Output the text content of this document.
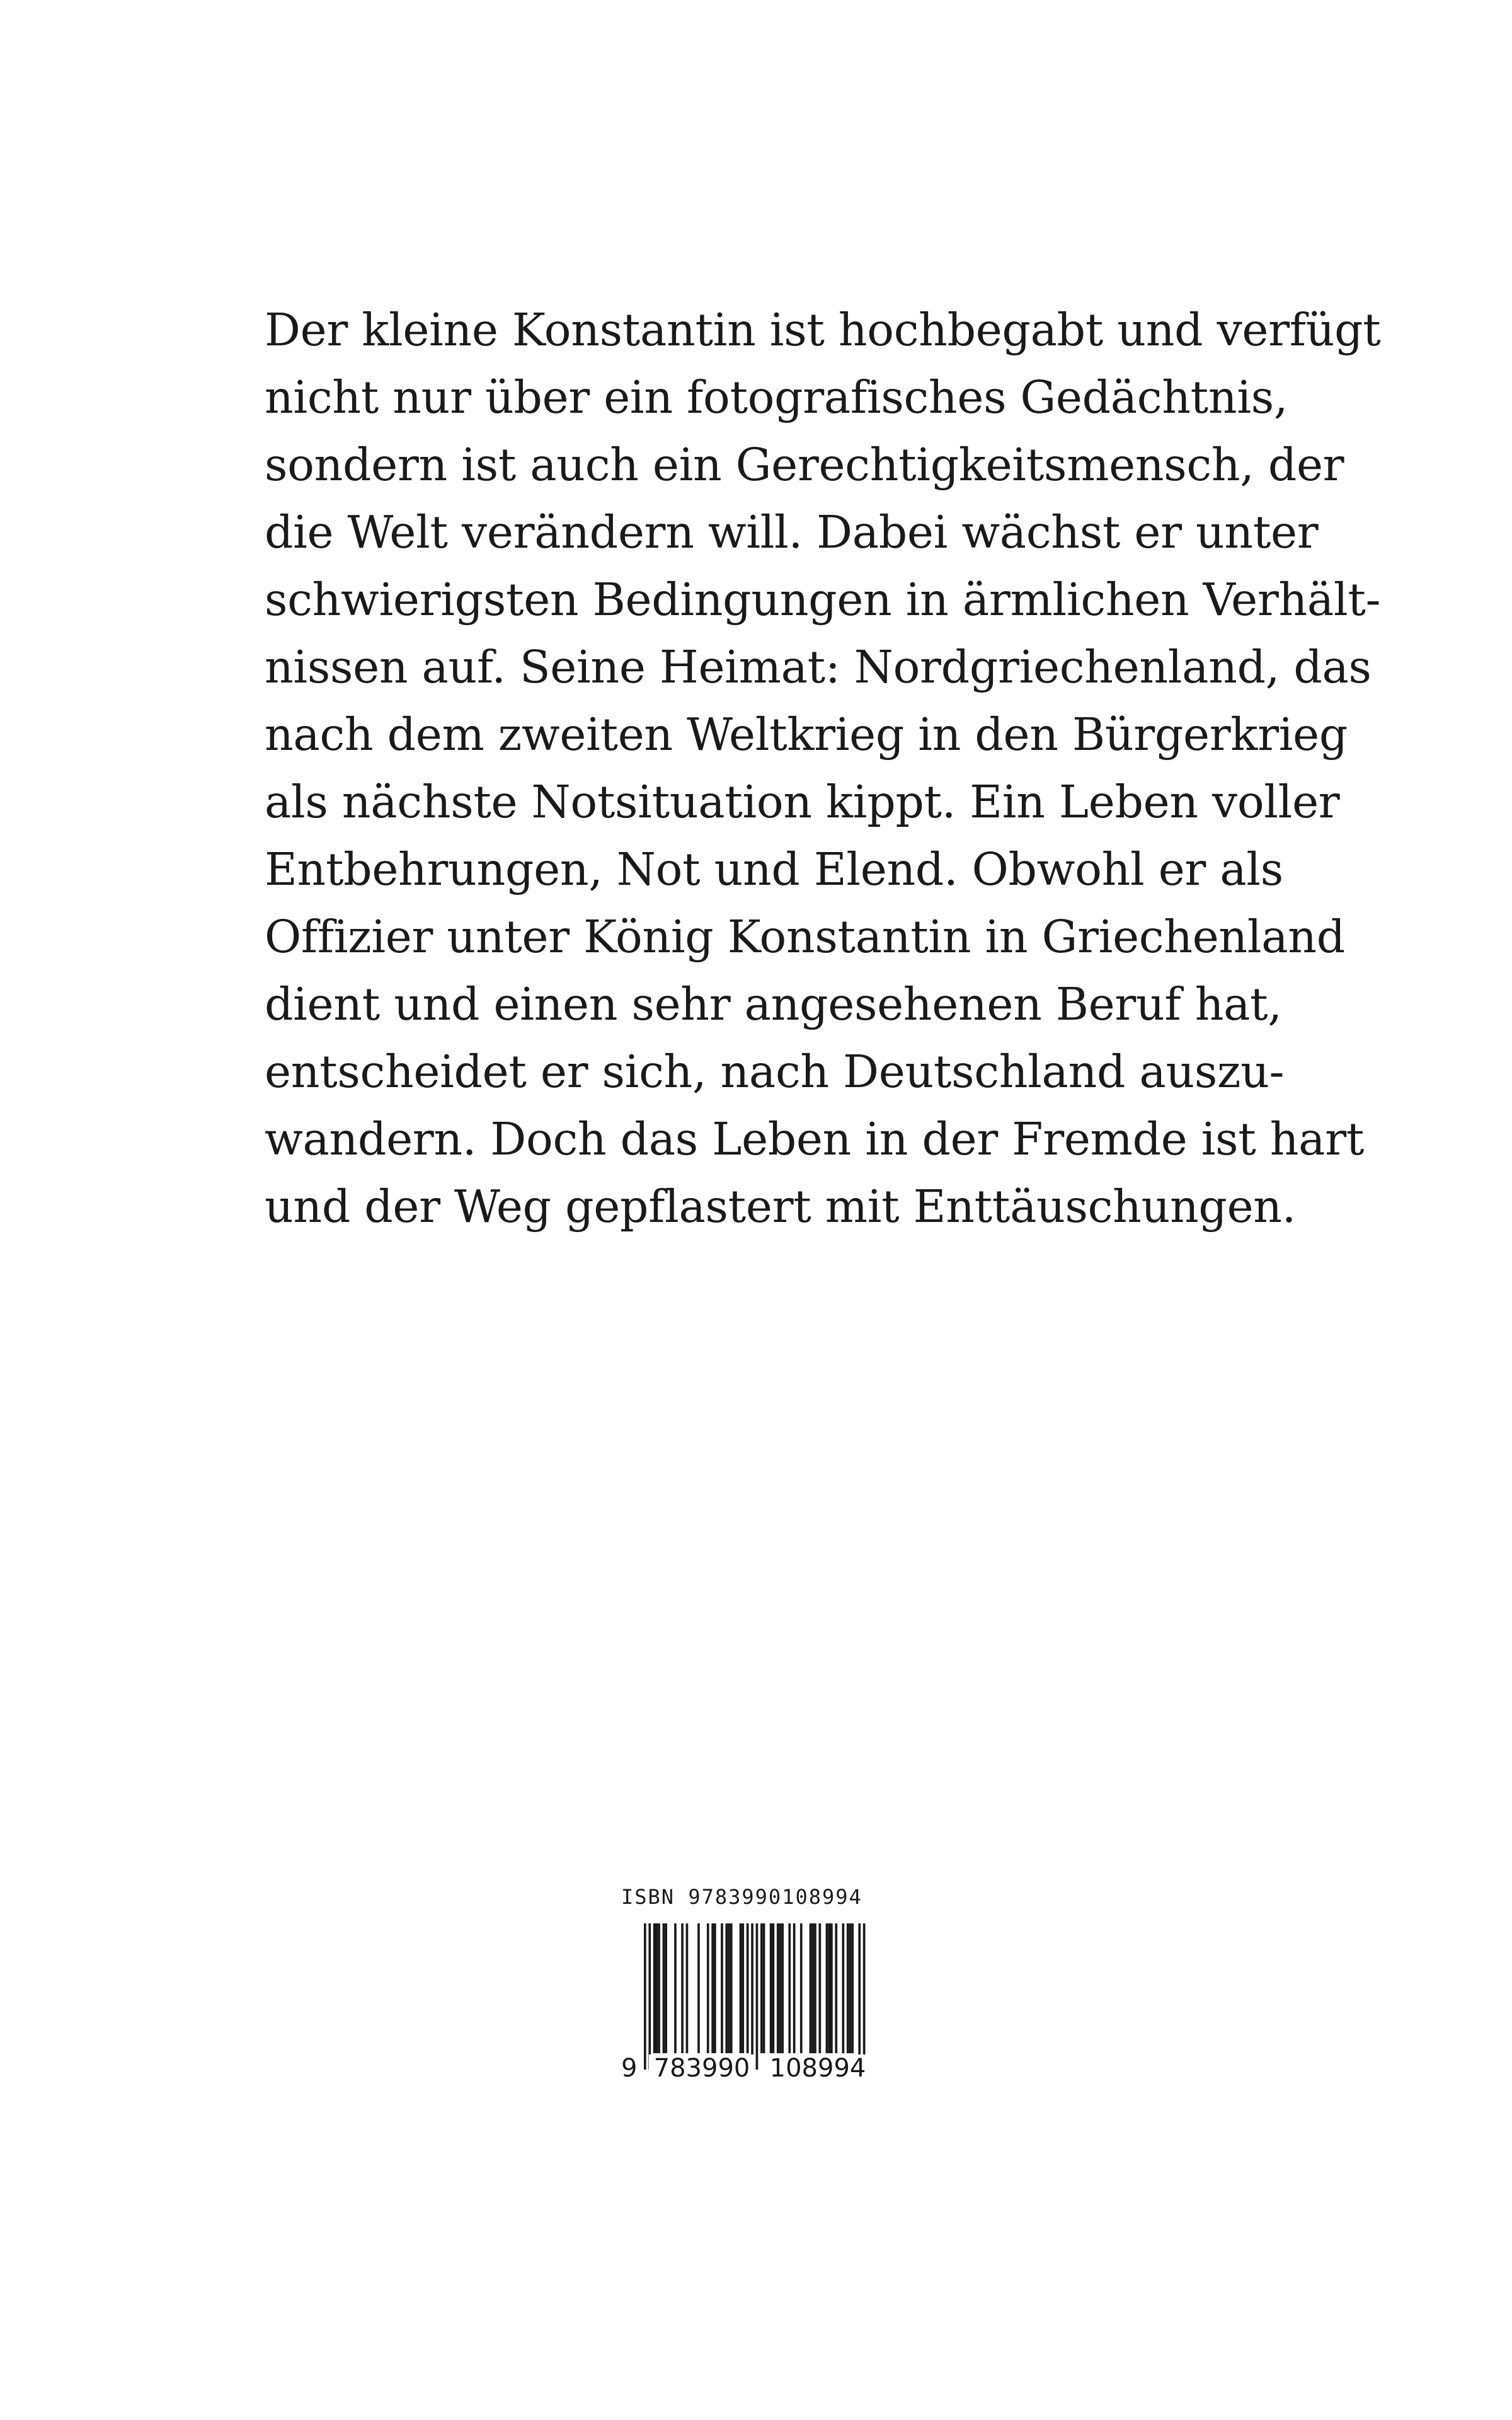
Der kleine Konstantin ist hochbegabt und verfügt
nicht nur über ein fotografisches Gedächtnis,
sondern ist auch ein Gerechtigkeitsmensch, der
die Welt verändern will. Dabei wächst er unter
schwierigsten Bedingungen in ärmlichen Verhält-
nissen auf. Seine Heimat: Nordgriechenland, das
nach dem zweiten Weltkrieg in den Bürgerkrieg
als nächste Notsituation kippt. Ein Leben voller
Entbehrungen, Not und Elend. Obwohl er als
Offizier unter König Konstantin in Griechenland
dient und einen sehr angesehenen Beruf hat,
entscheidet er sich, nach Deutschland auszu-
wandern. Doch das Leben in der Fremde ist hart
und der Weg gepflastert mit Enttäuschungen.
ISBN 9783990108994
9 783990 108994
